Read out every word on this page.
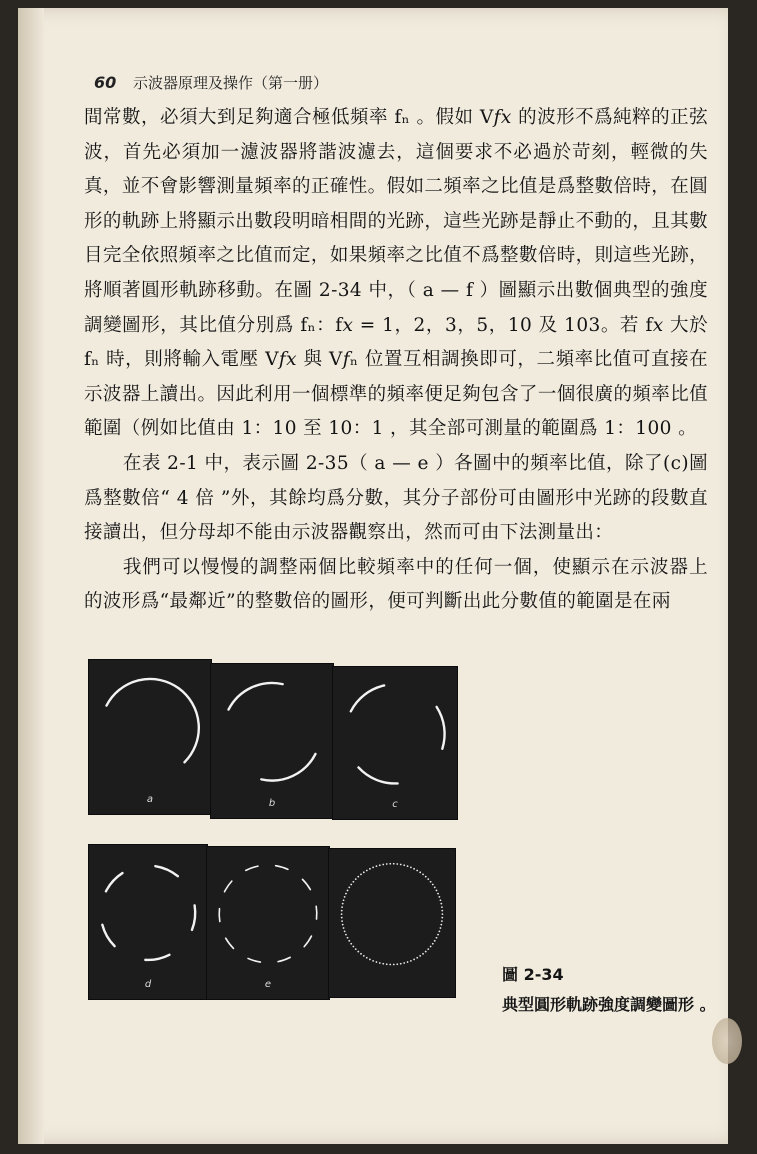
60 示波器原理及操作（第一册）

間常數，必須大到足夠適合極低頻率 fₙ 。假如 V𝑓𝑥 的波形不爲純粹的正弦波，首先必須加一濾波器將諧波濾去，這個要求不必過於苛刻，輕微的失真，並不會影響測量頻率的正確性。假如二頻率之比值是爲整數倍時，在圓形的軌跡上將顯示出數段明暗相間的光跡，這些光跡是靜止不動的，且其數目完全依照頻率之比值而定，如果頻率之比值不爲整數倍時，則這些光跡，將順著圓形軌跡移動。在圖 2-34 中，（ a — f ）圖顯示出數個典型的強度調變圖形，其比值分別爲 fₙ：f𝑥 = 1，2，3，5，10 及 103。若 f𝑥 大於 fₙ 時，則將輸入電壓 V𝑓𝑥 與 V𝑓ₙ 位置互相調換即可，二頻率比值可直接在示波器上讀出。因此利用一個標準的頻率便足夠包含了一個很廣的頻率比值範圍（例如比值由 1：10 至 10：1 ，其全部可測量的範圍爲 1：100 。

在表 2-1 中，表示圖 2-35（ a — e ）各圖中的頻率比值，除了(c)圖爲整數倍“ 4 倍 ”外，其餘均爲分數，其分子部份可由圖形中光跡的段數直接讀出，但分母却不能由示波器觀察出，然而可由下法測量出：

我們可以慢慢的調整兩個比較頻率中的任何一個，使顯示在示波器上的波形爲“最鄰近”的整數倍的圖形，便可判斷出此分數值的範圍是在兩

a	b	c
d	e
圖 2-34
典型圓形軌跡強度調變圖形 。
